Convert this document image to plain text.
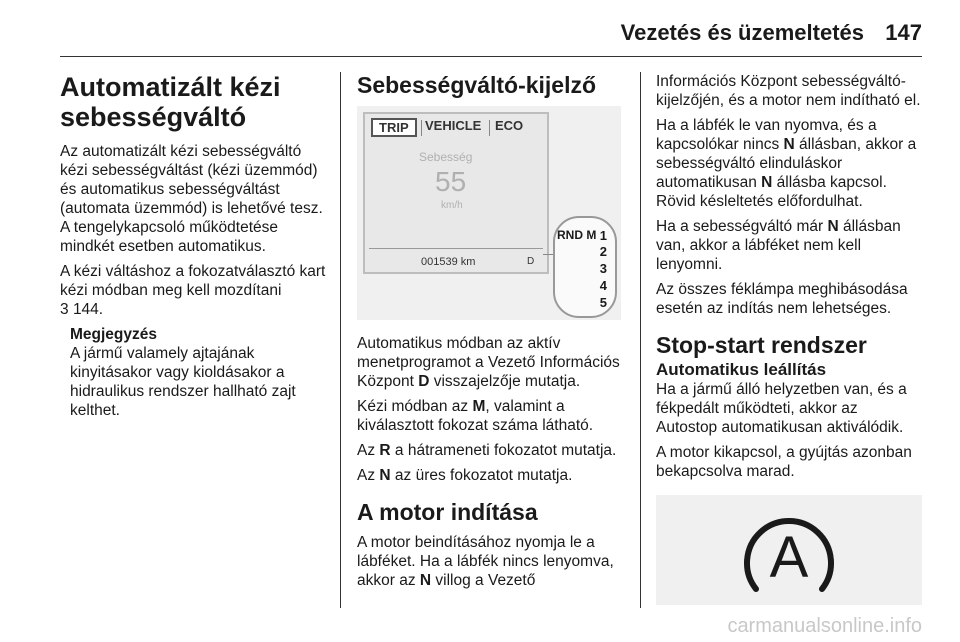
Vezetés és üzemeltetés 147
Automatizált kézi
sebességváltó

Az automatizált kézi sebességváltó kézi sebességváltást (kézi üzemmód) és automatikus sebességváltást (automata üzemmód) is lehetővé tesz. A tengelykapcsoló működtetése mindkét esetben automatikus.

A kézi váltáshoz a fokozatválasztó kart kézi módban meg kell mozdítani
3 144.

Megjegyzés

A jármű valamely ajtajának kinyitásakor vagy kioldásakor a hidraulikus rendszer hallható zajt kelthet.

Sebességváltó-kijelző
TRIP	VEHICLE ECO
Sebesség
55
km/h
001539 km	D
RND M 1
2
3
4
5

Automatikus módban az aktív menetprogramot a Vezető Információs Központ D visszajelzője mutatja.

Kézi módban az M, valamint a kiválasztott fokozat száma látható.

Az R a hátrameneti fokozatot mutatja.

Az N az üres fokozatot mutatja.

A motor indítása

A motor beindításához nyomja le a lábféket. Ha a lábfék nincs lenyomva, akkor az N villog a Vezető

Információs Központ sebességváltó-kijelzőjén, és a motor nem indítható el.

Ha a lábfék le van nyomva, és a kapcsolókar nincs N állásban, akkor a sebességváltó elinduláskor automatikusan N állásba kapcsol. Rövid késleltetés előfordulhat.

Ha a sebességváltó már N állásban van, akkor a lábféket nem kell lenyomni.

Az összes féklámpa meghibásodása esetén az indítás nem lehetséges.

Stop-start rendszer
Automatikus leállítás

Ha a jármű álló helyzetben van, és a fékpedált működteti, akkor az Autostop automatikusan aktiválódik.

A motor kikapcsol, a gyújtás azonban bekapcsolva marad.

A
carmanualsonline.info
